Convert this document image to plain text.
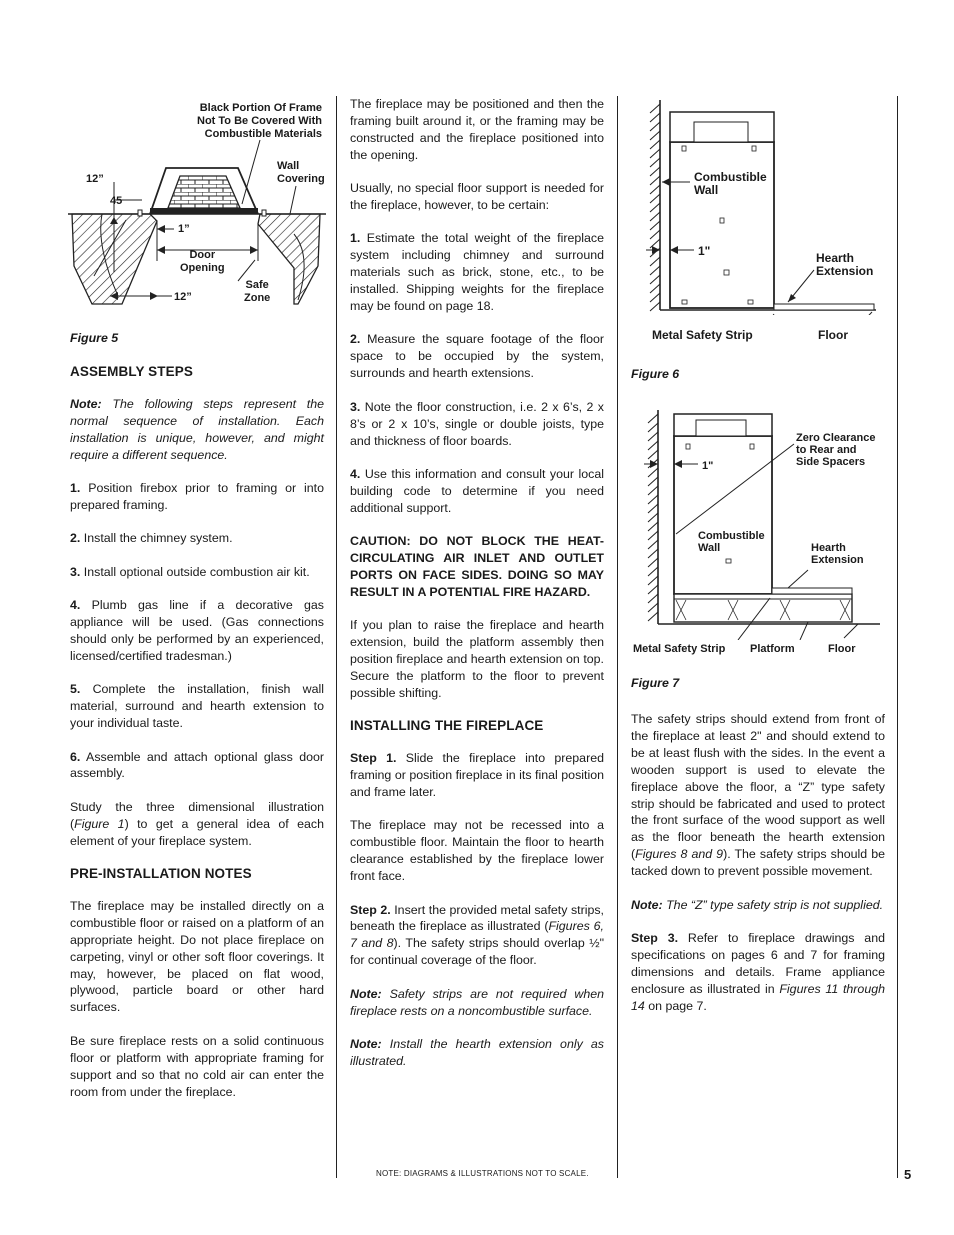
Black Portion Of Frame
Not To Be Covered With
Combustible Materials
Wall
Covering
12”
45
1”
Door
Opening
Safe
Zone
12”
Figure 5
ASSEMBLY STEPS

Note: The following steps represent the normal sequence of installation. Each installation is unique, however, and might require a different sequence.

1. Position firebox prior to framing or into prepared framing.

2. Install the chimney system.

3. Install optional outside combustion air kit.

4. Plumb gas line if a decorative gas appliance will be used. (Gas connections should only be performed by an experienced, licensed/certified tradesman.)

5. Complete the installation, finish wall material, surround and hearth extension to your individual taste.

6. Assemble and attach optional glass door assembly.

Study the three dimensional illustration (Figure 1) to get a general idea of each element of your fireplace system.

PRE-INSTALLATION NOTES

The fireplace may be installed directly on a combustible floor or raised on a platform of an appropriate height. Do not place fireplace on carpeting, vinyl or other soft floor coverings. It may, however, be placed on flat wood, plywood, particle board or other hard surfaces.

Be sure fireplace rests on a solid continuous floor or platform with appropriate framing for support and so that no cold air can enter the room from under the fireplace.

The fireplace may be positioned and then the framing built around it, or the framing may be constructed and the fireplace positioned into the opening.

Usually, no special floor support is needed for the fireplace, however, to be certain:

1. Estimate the total weight of the fireplace system including chimney and surround materials such as brick, stone, etc., to be installed. Shipping weights for the fireplace may be found on page 18.

2. Measure the square footage of the floor space to be occupied by the system, surrounds and hearth extensions.

3. Note the floor construction, i.e. 2 x 6’s, 2 x 8’s or 2 x 10’s, single or double joists, type and thickness of floor boards.

4. Use this information and consult your local building code to determine if you need additional support.

CAUTION: DO NOT BLOCK THE HEAT-CIRCULATING AIR INLET AND OUTLET PORTS ON FACE SIDES. DOING SO MAY RESULT IN A POTENTIAL FIRE HAZARD.

If you plan to raise the fireplace and hearth extension, build the platform assembly then position fireplace and hearth extension on top. Secure the platform to the floor to prevent possible shifting.

INSTALLING THE FIREPLACE

Step 1. Slide the fireplace into prepared framing or position fireplace in its final position and frame later.

The fireplace may not be recessed into a combustible floor. Maintain the floor to hearth clearance established by the fireplace lower front face.

Step 2. Insert the provided metal safety strips, beneath the fireplace as illustrated (Figures 6, 7 and 8). The safety strips should overlap ½" for continual coverage of the floor.

Note: Safety strips are not required when fireplace rests on a noncombustible surface.

Note: Install the hearth extension only as illustrated.

Combustible
Wall
1"	Hearth
Extension
Metal Safety Strip	Floor
Figure 6
Zero Clearance
to Rear and
Side Spacers
1"
Combustible
Wall	Hearth
Extension
Metal Safety Strip Platform	Floor
Figure 7

The safety strips should extend from front of the fireplace at least 2" and should extend to be at least flush with the sides. In the event a wooden support is used to elevate the fireplace above the floor, a “Z” type safety strip should be fabricated and used to protect the front surface of the wood support as well as the floor beneath the hearth extension (Figures 8 and 9). The safety strips should be tacked down to prevent possible movement.

Note: The “Z” type safety strip is not supplied.

Step 3. Refer to fireplace drawings and specifications on pages 6 and 7 for framing dimensions and details. Frame appliance enclosure as illustrated in Figures 11 through 14 on page 7.

NOTE: DIAGRAMS & ILLUSTRATIONS NOT TO SCALE.	5
